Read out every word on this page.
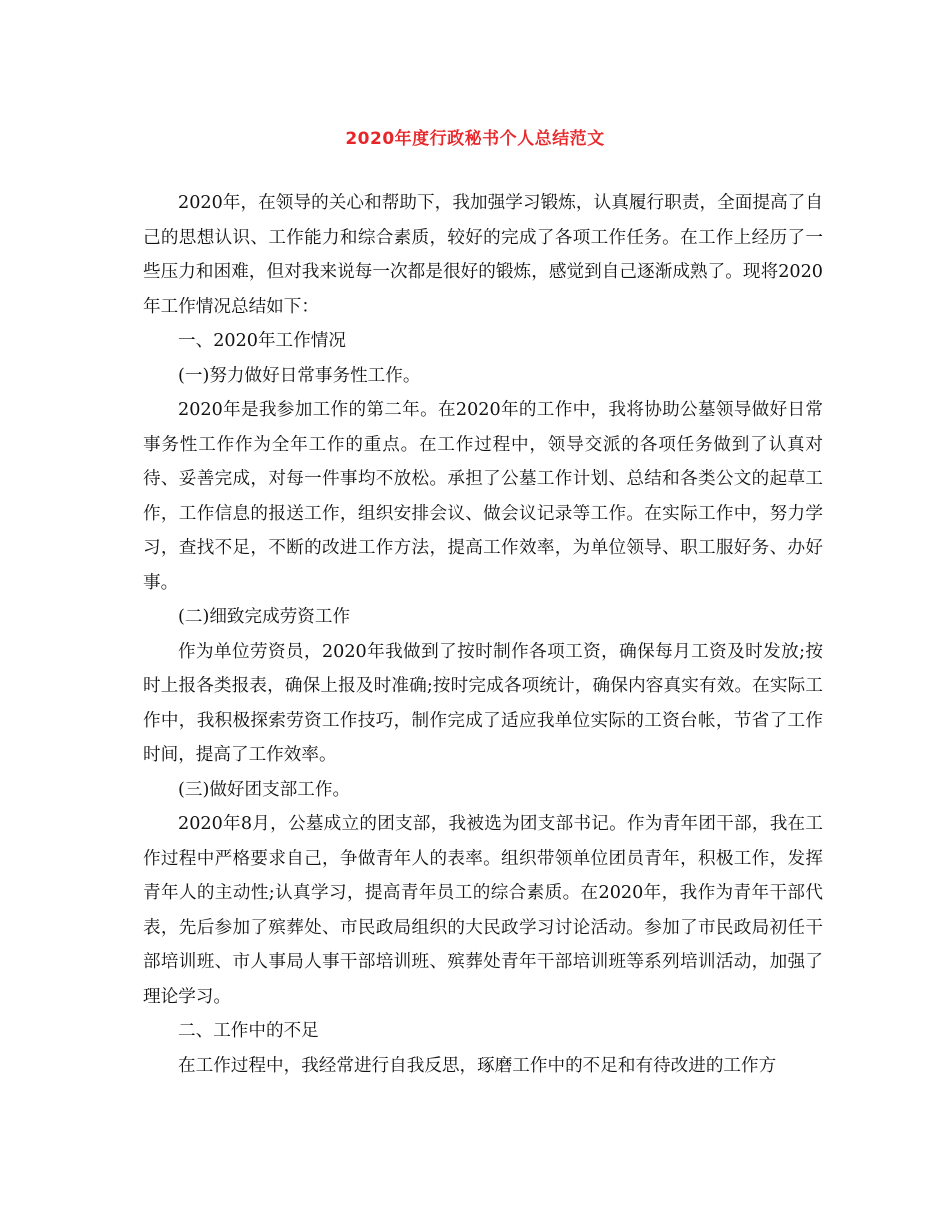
2020年度行政秘书个人总结范文

2020年，在领导的关心和帮助下，我加强学习锻炼，认真履行职责，全面提高了自己的思想认识、工作能力和综合素质，较好的完成了各项工作任务。在工作上经历了一些压力和困难，但对我来说每一次都是很好的锻炼，感觉到自己逐渐成熟了。现将2020年工作情况总结如下：

一、2020年工作情况

(一)努力做好日常事务性工作。

2020年是我参加工作的第二年。在2020年的工作中，我将协助公墓领导做好日常事务性工作作为全年工作的重点。在工作过程中，领导交派的各项任务做到了认真对待、妥善完成，对每一件事均不放松。承担了公墓工作计划、总结和各类公文的起草工作，工作信息的报送工作，组织安排会议、做会议记录等工作。在实际工作中，努力学习，查找不足，不断的改进工作方法，提高工作效率，为单位领导、职工服好务、办好事。

(二)细致完成劳资工作

作为单位劳资员，2020年我做到了按时制作各项工资，确保每月工资及时发放;按时上报各类报表，确保上报及时准确;按时完成各项统计，确保内容真实有效。在实际工作中，我积极探索劳资工作技巧，制作完成了适应我单位实际的工资台帐，节省了工作时间，提高了工作效率。

(三)做好团支部工作。

2020年8月，公墓成立的团支部，我被选为团支部书记。作为青年团干部，我在工作过程中严格要求自己，争做青年人的表率。组织带领单位团员青年，积极工作，发挥青年人的主动性;认真学习，提高青年员工的综合素质。在2020年，我作为青年干部代表，先后参加了殡葬处、市民政局组织的大民政学习讨论活动。参加了市民政局初任干部培训班、市人事局人事干部培训班、殡葬处青年干部培训班等系列培训活动，加强了理论学习。

二、工作中的不足

在工作过程中，我经常进行自我反思，琢磨工作中的不足和有待改进的工作方
